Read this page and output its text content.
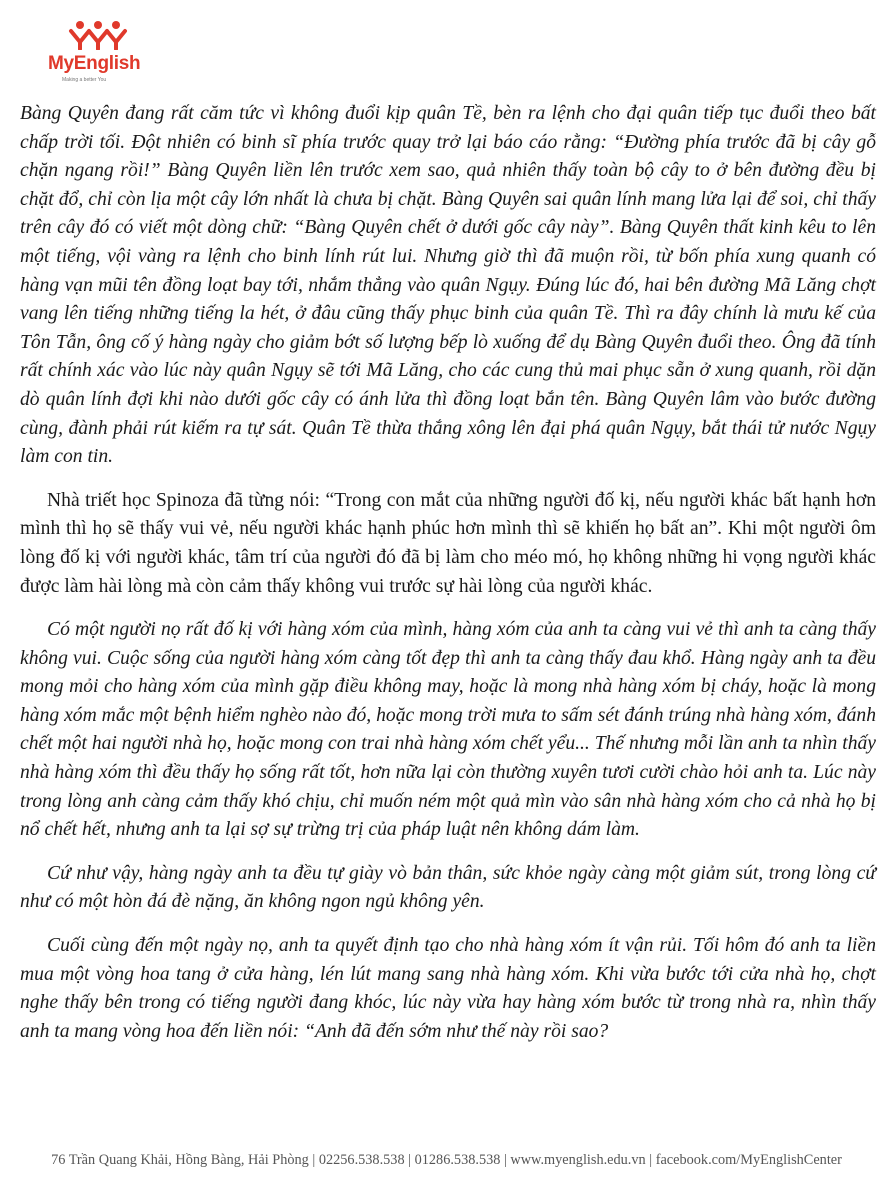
MyEnglish
Making a better You

Bàng Quyên đang rất căm tức vì không đuổi kịp quân Tề, bèn ra lệnh cho đại quân tiếp tục đuổi theo bất chấp trời tối. Đột nhiên có binh sĩ phía trước quay trở lại báo cáo rằng: “Đường phía trước đã bị cây gỗ chặn ngang rồi!” Bàng Quyên liền lên trước xem sao, quả nhiên thấy toàn bộ cây to ở bên đường đều bị chặt đổ, chỉ còn lịa một cây lớn nhất là chưa bị chặt. Bàng Quyên sai quân lính mang lửa lại để soi, chỉ thấy trên cây đó có viết một dòng chữ: “Bàng Quyên chết ở dưới gốc cây này”. Bàng Quyên thất kinh kêu to lên một tiếng, vội vàng ra lệnh cho binh lính rút lui. Nhưng giờ thì đã muộn rồi, từ bốn phía xung quanh có hàng vạn mũi tên đồng loạt bay tới, nhắm thẳng vào quân Ngụy. Đúng lúc đó, hai bên đường Mã Lăng chợt vang lên tiếng những tiếng la hét, ở đâu cũng thấy phục binh của quân Tề. Thì ra đây chính là mưu kế của Tôn Tẫn, ông cố ý hàng ngày cho giảm bớt số lượng bếp lò xuống để dụ Bàng Quyên đuổi theo. Ông đã tính rất chính xác vào lúc này quân Ngụy sẽ tới Mã Lăng, cho các cung thủ mai phục sẵn ở xung quanh, rồi dặn dò quân lính đợi khi nào dưới gốc cây có ánh lửa thì đồng loạt bắn tên. Bàng Quyên lâm vào bước đường cùng, đành phải rút kiếm ra tự sát. Quân Tề thừa thắng xông lên đại phá quân Ngụy, bắt thái tử nước Ngụy làm con tin.

Nhà triết học Spinoza đã từng nói: “Trong con mắt của những người đố kị, nếu người khác bất hạnh hơn mình thì họ sẽ thấy vui vẻ, nếu người khác hạnh phúc hơn mình thì sẽ khiến họ bất an”. Khi một người ôm lòng đố kị với người khác, tâm trí của người đó đã bị làm cho méo mó, họ không những hi vọng người khác được làm hài lòng mà còn cảm thấy không vui trước sự hài lòng của người khác.

Có một người nọ rất đố kị với hàng xóm của mình, hàng xóm của anh ta càng vui vẻ thì anh ta càng thấy không vui. Cuộc sống của người hàng xóm càng tốt đẹp thì anh ta càng thấy đau khổ. Hàng ngày anh ta đều mong mỏi cho hàng xóm của mình gặp điều không may, hoặc là mong nhà hàng xóm bị cháy, hoặc là mong hàng xóm mắc một bệnh hiểm nghèo nào đó, hoặc mong trời mưa to sấm sét đánh trúng nhà hàng xóm, đánh chết một hai người nhà họ, hoặc mong con trai nhà hàng xóm chết yểu... Thế nhưng mỗi lần anh ta nhìn thấy nhà hàng xóm thì đều thấy họ sống rất tốt, hơn nữa lại còn thường xuyên tươi cười chào hỏi anh ta. Lúc này trong lòng anh càng cảm thấy khó chịu, chỉ muốn ném một quả mìn vào sân nhà hàng xóm cho cả nhà họ bị nổ chết hết, nhưng anh ta lại sợ sự trừng trị của pháp luật nên không dám làm.

Cứ như vậy, hàng ngày anh ta đều tự giày vò bản thân, sức khỏe ngày càng một giảm sút, trong lòng cứ như có một hòn đá đè nặng, ăn không ngon ngủ không yên.

Cuối cùng đến một ngày nọ, anh ta quyết định tạo cho nhà hàng xóm ít vận rủi. Tối hôm đó anh ta liền mua một vòng hoa tang ở cửa hàng, lén lút mang sang nhà hàng xóm. Khi vừa bước tới cửa nhà họ, chợt nghe thấy bên trong có tiếng người đang khóc, lúc này vừa hay hàng xóm bước từ trong nhà ra, nhìn thấy anh ta mang vòng hoa đến liền nói: “Anh đã đến sớm như thế này rồi sao?

76 Trần Quang Khải, Hồng Bàng, Hải Phòng | 02256.538.538 | 01286.538.538 | www.myenglish.edu.vn | facebook.com/MyEnglishCenter
